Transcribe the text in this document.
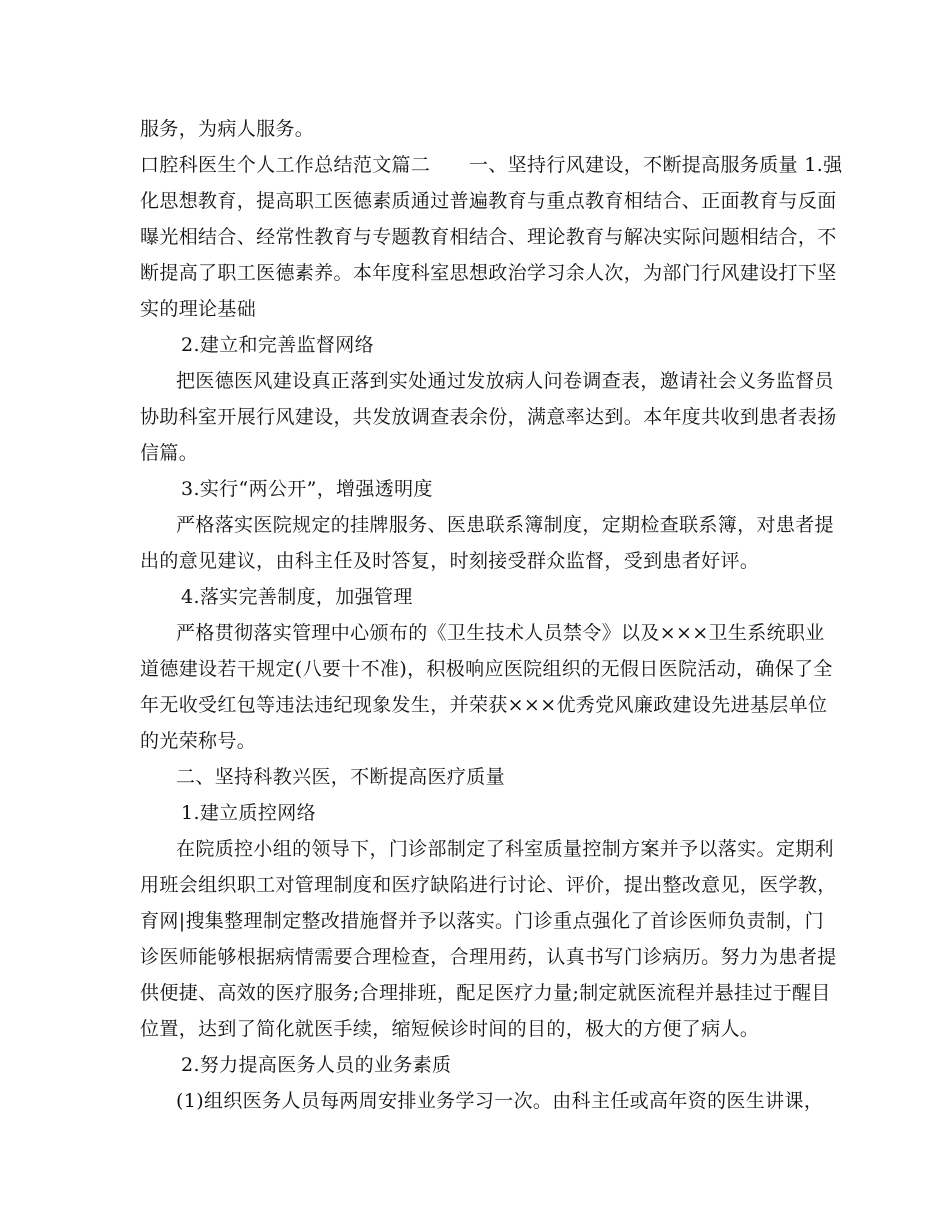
服务，为病人服务。
口腔科医生个人工作总结范文篇二　　一、坚持行风建设，不断提高服务质量 1.强
化思想教育，提高职工医德素质通过普遍教育与重点教育相结合、正面教育与反面
曝光相结合、经常性教育与专题教育相结合、理论教育与解决实际问题相结合，不
断提高了职工医德素养。本年度科室思想政治学习余人次，为部门行风建设打下坚
实的理论基础
2.建立和完善监督网络
把医德医风建设真正落到实处通过发放病人问卷调查表，邀请社会义务监督员
协助科室开展行风建设，共发放调查表余份，满意率达到。本年度共收到患者表扬
信篇。
3.实行“两公开”，增强透明度
严格落实医院规定的挂牌服务、医患联系簿制度，定期检查联系簿，对患者提
出的意见建议，由科主任及时答复，时刻接受群众监督，受到患者好评。
4.落实完善制度，加强管理
严格贯彻落实管理中心颁布的《卫生技术人员禁令》以及×××卫生系统职业
道德建设若干规定(八要十不准)，积极响应医院组织的无假日医院活动，确保了全
年无收受红包等违法违纪现象发生，并荣获×××优秀党风廉政建设先进基层单位
的光荣称号。
二、坚持科教兴医，不断提高医疗质量
1.建立质控网络
在院质控小组的领导下，门诊部制定了科室质量控制方案并予以落实。定期利
用班会组织职工对管理制度和医疗缺陷进行讨论、评价，提出整改意见，医学教，
育网|搜集整理制定整改措施督并予以落实。门诊重点强化了首诊医师负责制，门
诊医师能够根据病情需要合理检查，合理用药，认真书写门诊病历。努力为患者提
供便捷、高效的医疗服务;合理排班，配足医疗力量;制定就医流程并悬挂过于醒目
位置，达到了简化就医手续，缩短候诊时间的目的，极大的方便了病人。
2.努力提高医务人员的业务素质
(1)组织医务人员每两周安排业务学习一次。由科主任或高年资的医生讲课，
